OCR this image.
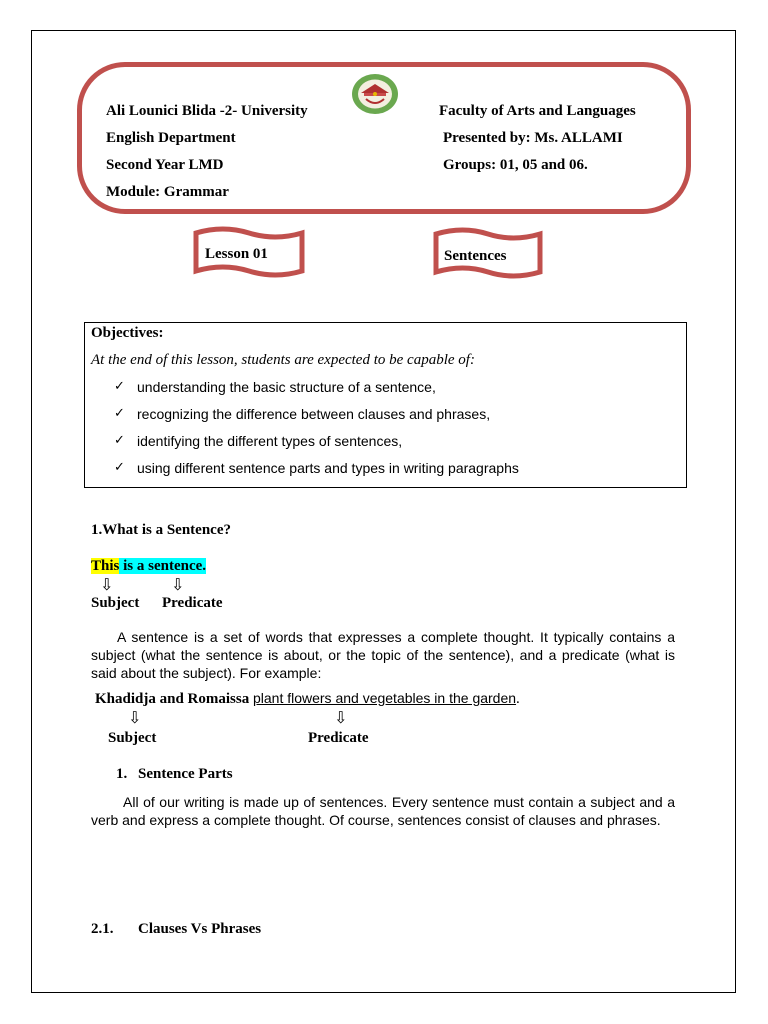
Ali Lounici Blida -2- University
English Department
Second Year LMD
Module: Grammar
Faculty of Arts and Languages
Presented by: Ms. ALLAMI
Groups: 01, 05 and 06.
Lesson 01	Sentences
Objectives:
At the end of this lesson, students are expected to be capable of:
✓ understanding the basic structure of a sentence,
✓ recognizing the difference between clauses and phrases,
✓ identifying the different types of sentences,
✓ using different sentence parts and types in writing paragraphs
1.What is a Sentence?
This is a sentence.
⇩	⇩
Subject Predicate

A sentence is a set of words that expresses a complete thought. It typically contains a subject (what the sentence is about, or the topic of the sentence), and a predicate (what is said about the subject). For example:

Khadidja and Romaissa plant flowers and vegetables in the garden.
⇩	⇩
Subject	Predicate
1. Sentence Parts

All of our writing is made up of sentences. Every sentence must contain a subject and a verb and express a complete thought. Of course, sentences consist of clauses and phrases.

2.1. Clauses Vs Phrases
